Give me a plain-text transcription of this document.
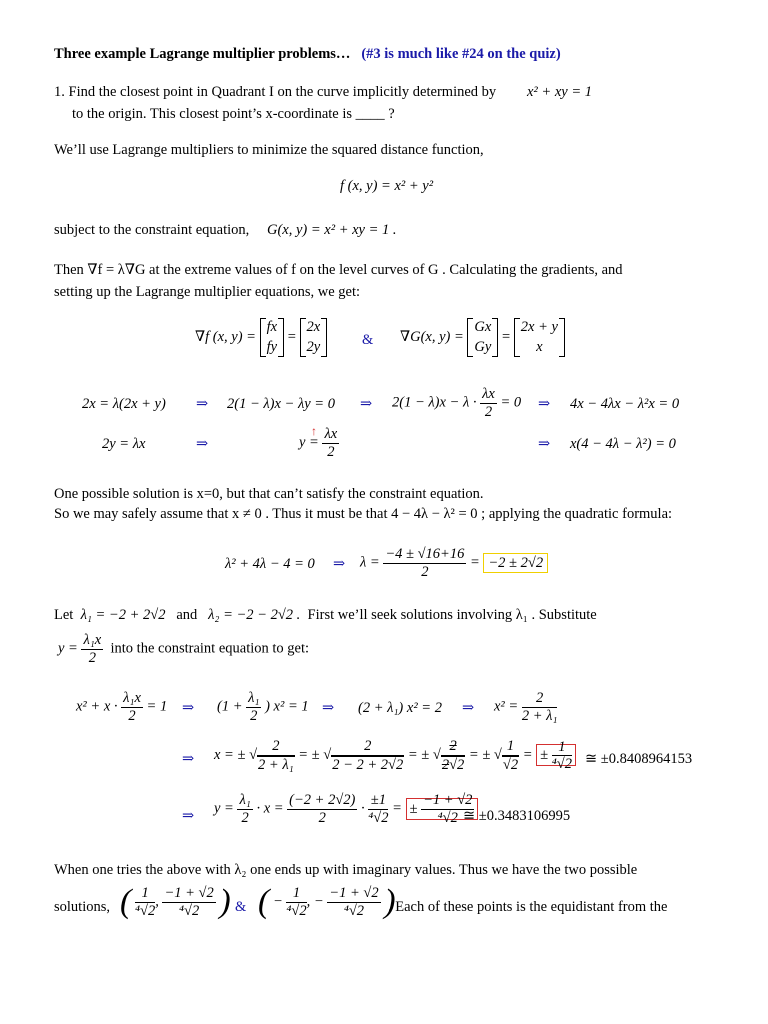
Three example Lagrange multiplier problems… (#3 is much like #24 on the quiz)
1. Find the closest point in Quadrant I on the curve implicitly determined by x² + xy = 1
to the origin. This closest point’s x-coordinate is ____ ?
We’ll use Lagrange multipliers to minimize the squared distance function,
f (x, y) = x² + y²
subject to the constraint equation, G(x, y) = x² + xy = 1 .
Then ∇f = λ∇G at the extreme values of f on the level curves of G . Calculating the gradients, and
setting up the Lagrange multiplier equations, we get:
∇f (x, y) =
fx
fy
=
2x
2y	& ∇G(x, y) =
Gx
Gy
=
2x + y
x
2x = λ(2x + y) ⇒ 2(1 − λ)x − λy = 0 ⇒ $2(1 - \lambda)x - \lambda \cdot \frac{\lambda x}{2} = 0$ ⇒ 4x − 4λx − λ²x = 0
2y = λx	⇒
↑
$y = \frac{\lambda x}{2}$	⇒ x(4 − 4λ − λ²) = 0
One possible solution is x=0, but that can’t satisfy the constraint equation.
So we may safely assume that x ≠ 0 . Thus it must be that 4 − 4λ − λ² = 0 ; applying the quadratic formula:
λ² + 4λ − 4 = 0 ⇒ $\lambda = \frac{-4 \pm √16+16}{2} = -2 \pm 2√2$
Let λ₁ = −2 + 2√2 and λ₂ = −2 − 2√2 . First we’ll seek solutions involving λ₁ . Substitute
$y = \frac{\text{λ₁x}}{2}$ into the constraint equation to get:
$x^2 + x \cdot \frac{\text{λ₁x}}{2} = 1$ ⇒ ($1 + \frac{\text{λ₁}}{2}$ ) x² = 1 ⇒ (2 + λ₁) x² = 2 ⇒ $x^2 = \frac{2}{\text{2 + λ₁}}$
⇒ x = ± √ $\frac{2}{\text{2 + λ₁}}$ = ± √ $\frac{2}{2 - 2 + 2√2}$ = ± √ $\frac{2}{2√2}$ = ± √ $\frac{1}{√2}$ = ± $\frac{1}{\text{⁴√2}}$ ≅ ±0.8408964153
⇒ $y = \frac{\text{λ₁}}{2} \cdot x = \frac{(-2 + 2√2)}{2} \cdot \frac{\pm 1}{\text{⁴√2}}$ = ± $\frac{-1 + √2}{\text{⁴√2}}$
≅ ±0.3483106995
When one tries the above with λ₂ one ends up with imaginary values. Thus we have the two possible
solutions, ( $\frac{1}{\text{⁴√2}}$ , $\frac{-1 + √2}{\text{⁴√2}}$ ) & ( − $\frac{1}{\text{⁴√2}}$ , − $\frac{-1 + √2}{\text{⁴√2}}$ )
. Each of these points is the equidistant from the
